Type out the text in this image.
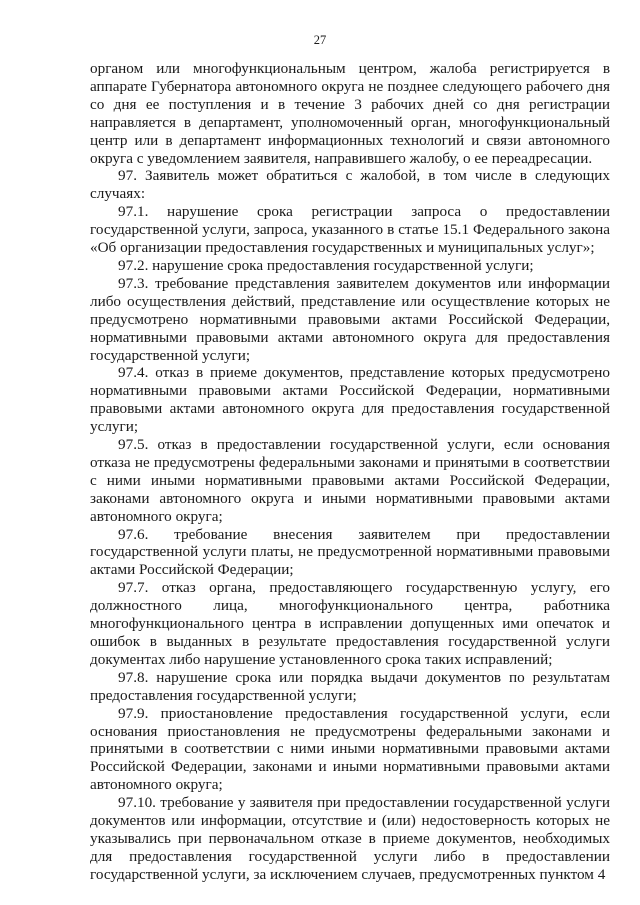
27

органом или многофункциональным центром, жалоба регистрируется в аппарате Губернатора автономного округа не позднее следующего рабочего дня со дня ее поступления и в течение 3 рабочих дней со дня регистрации направляется в департамент, уполномоченный орган, многофункциональный центр или в департамент информационных технологий и связи автономного округа с уведомлением заявителя, направившего жалобу, о ее переадресации.

97. Заявитель может обратиться с жалобой, в том числе в следующих случаях:

97.1. нарушение срока регистрации запроса о предоставлении государственной услуги, запроса, указанного в статье 15.1 Федерального закона «Об организации предоставления государственных и муниципальных услуг»;

97.2. нарушение срока предоставления государственной услуги;

97.3. требование представления заявителем документов или информации либо осуществления действий, представление или осуществление которых не предусмотрено нормативными правовыми актами Российской Федерации, нормативными правовыми актами автономного округа для предоставления государственной услуги;

97.4. отказ в приеме документов, представление которых предусмотрено нормативными правовыми актами Российской Федерации, нормативными правовыми актами автономного округа для предоставления государственной услуги;

97.5. отказ в предоставлении государственной услуги, если основания отказа не предусмотрены федеральными законами и принятыми в соответствии с ними иными нормативными правовыми актами Российской Федерации, законами автономного округа и иными нормативными правовыми актами автономного округа;

97.6. требование внесения заявителем при предоставлении государственной услуги платы, не предусмотренной нормативными правовыми актами Российской Федерации;

97.7. отказ органа, предоставляющего государственную услугу, его должностного лица, многофункционального центра, работника многофункционального центра в исправлении допущенных ими опечаток и ошибок в выданных в результате предоставления государственной услуги документах либо нарушение установленного срока таких исправлений;

97.8. нарушение срока или порядка выдачи документов по результатам предоставления государственной услуги;

97.9. приостановление предоставления государственной услуги, если основания приостановления не предусмотрены федеральными законами и принятыми в соответствии с ними иными нормативными правовыми актами Российской Федерации, законами и иными нормативными правовыми актами автономного округа;

97.10. требование у заявителя при предоставлении государственной услуги документов или информации, отсутствие и (или) недостоверность которых не указывались при первоначальном отказе в приеме документов, необходимых для предоставления государственной услуги либо в предоставлении государственной услуги, за исключением случаев, предусмотренных пунктом 4
